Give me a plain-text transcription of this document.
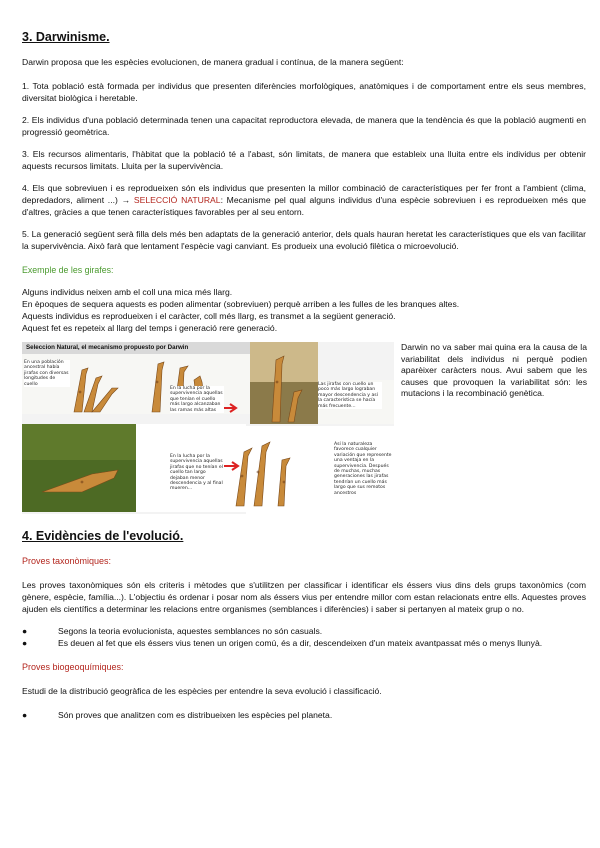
3. Darwinisme.

Darwin proposa que les espècies evolucionen, de manera gradual i contínua, de la manera següent:

1. Tota població està formada per individus que presenten diferències morfològiques, anatòmiques i de comportament entre els seus membres, diversitat biològica i heretable.

2. Els individus d'una població determinada tenen una capacitat reproductora elevada, de manera que la tendència és que la població augmenti en progressió geomètrica.

3. Els recursos alimentaris, l'hàbitat que la població té a l'abast, són limitats, de manera que estableix una lluita entre els individus per obtenir aquests recursos limitats. Lluita per la supervivència.

4. Els que sobreviuen i es reprodueixen són els individus que presenten la millor combinació de característiques per fer front a l'ambient (clima, depredadors, aliment ...) → SELECCIÓ NATURAL: Mecanisme pel qual alguns individus d'una espècie sobreviuen i es reprodueixen més que d'altres, gràcies a que tenen característiques favorables per al seu entorn.

5. La generació següent serà filla dels més ben adaptats de la generació anterior, dels quals hauran heretat les característiques que els van facilitar la supervivència. Això farà que lentament l'espècie vagi canviant. Es produeix una evolució filètica o microevolució.

Exemple de les girafes:

Alguns individus neixen amb el coll una mica més llarg.

En èpoques de sequera aquests es poden alimentar (sobreviuen) perquè arriben a les fulles de les branques altes.

Aquests individus es reprodueixen i el caràcter, coll més llarg, es transmet a la següent generació.

Aquest fet es repeteix al llarg del temps i generació rere generació.

Seleccion Natural, el mecanismo propuesto por Darwin
En una población ancestral había jirafas con diversas longitudes de cuello
En la lucha por la supervivencia aquellas que tenían el cuello más largo alcanzaban las ramas más altas
Las jirafas con cuello un poco más largo lograban mayor descendencia y así la característica se hacía más frecuente...
En la lucha por la supervivencia aquellas jirafas que no tenían el cuello tan largo dejaban menor descendencia y al final mueren...
Así la naturaleza favorece cualquier variación que represente una ventaja en la supervivencia. Después de muchas, muchas generaciones las jirafas tendrían un cuello más largo que sus remotos ancestros

Darwin no va saber mai quina era la causa de la variabilitat dels individus ni perquè podien aparèixer caràcters nous. Avui sabem que les causes que provoquen la variabilitat són: les mutacions i la recombinació genètica.

4. Evidències de l'evolució.

Proves taxonòmiques:

Les proves taxonòmiques són els criteris i mètodes que s'utilitzen per classificar i identificar els éssers vius dins dels grups taxonòmics (com gènere, espècie, família...). L'objectiu és ordenar i posar nom als éssers vius per entendre millor com estan relacionats entre ells. Aquestes proves ajuden els científics a determinar les relacions entre organismes (semblances i diferències) i saber si pertanyen al mateix grup o no.

●	Segons la teoria evolucionista, aquestes semblances no són casuals.

●	Es deuen al fet que els éssers vius tenen un origen comú, és a dir, descendeixen d'un mateix avantpassat més o menys llunyà.

Proves biogeoquímiques:

Estudi de la distribució geogràfica de les espècies per entendre la seva evolució i classificació.

●	Són proves que analitzen com es distribueixen les espècies pel planeta.
